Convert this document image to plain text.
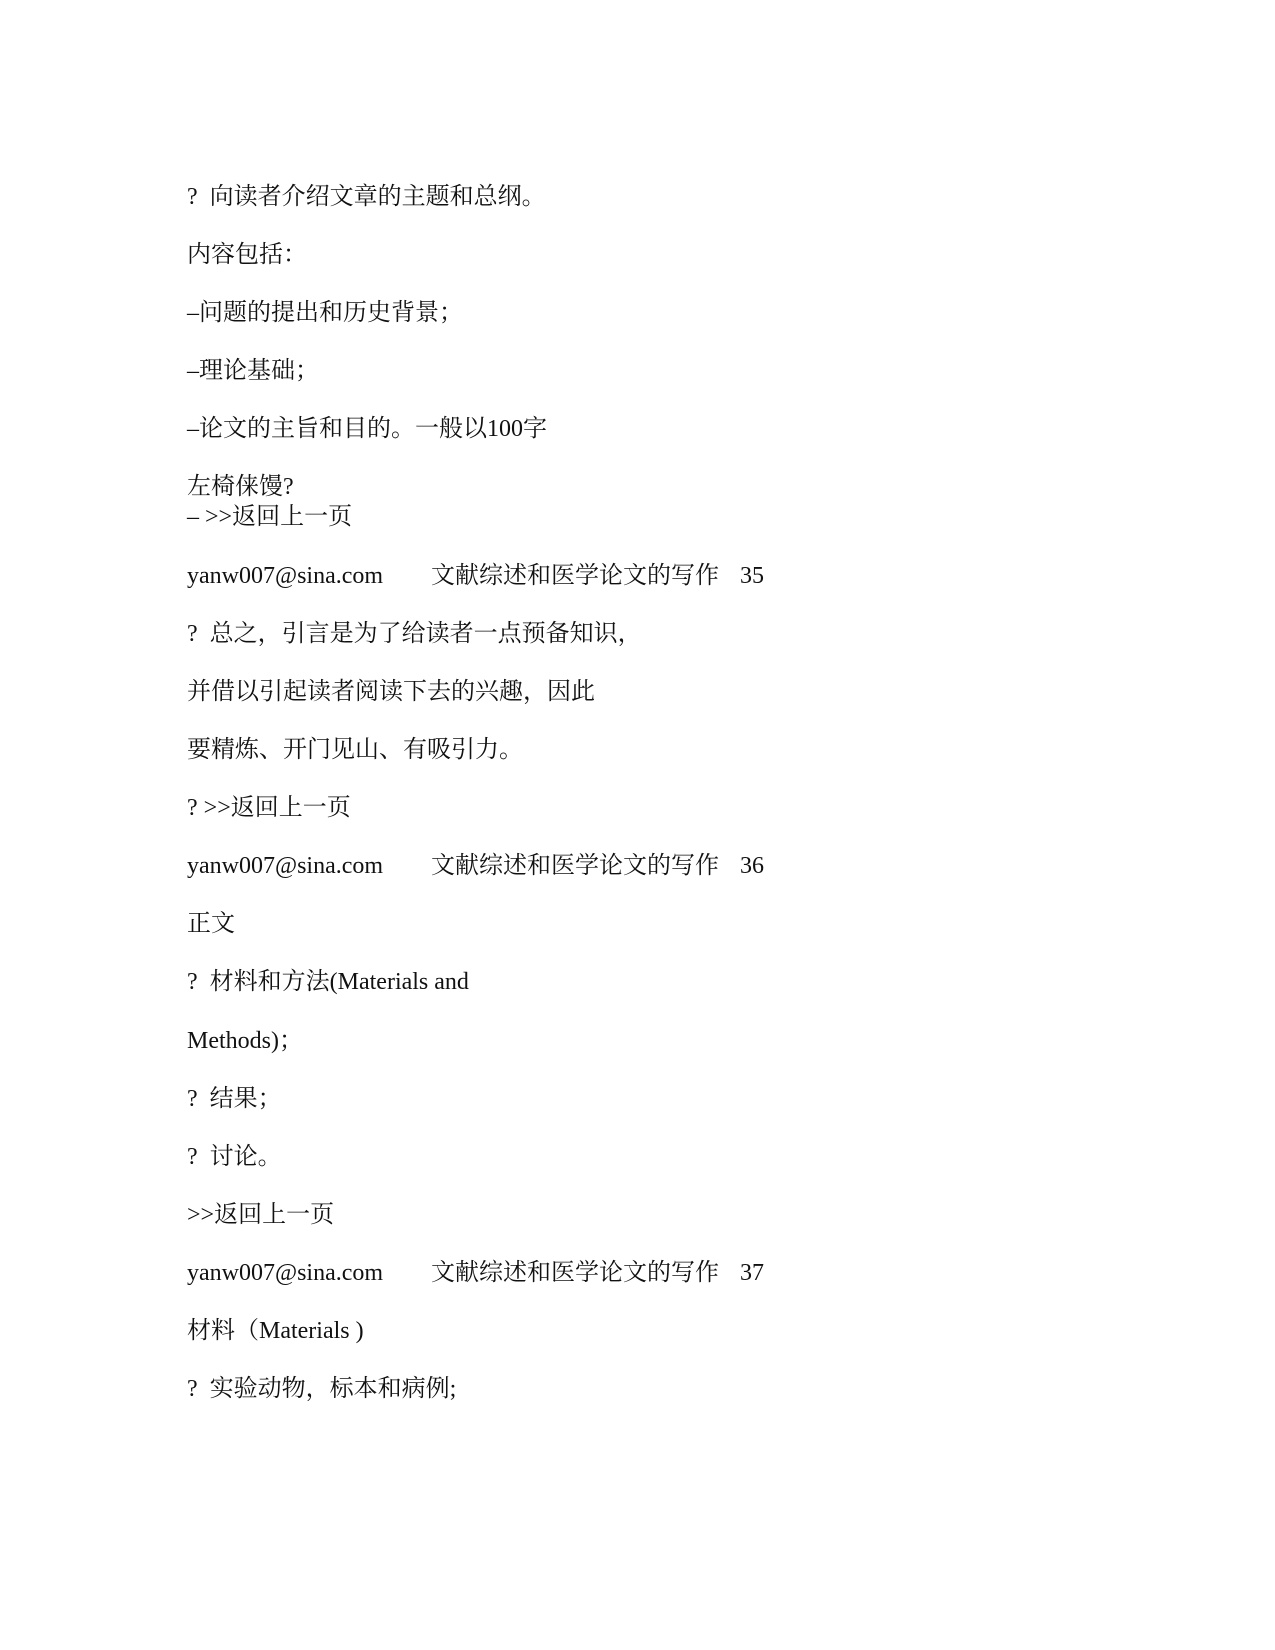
?  向读者介绍文章的主题和总纲。
内容包括：
–问题的提出和历史背景；
–理论基础；
–论文的主旨和目的。一般以100字
左椅俫馒?
– >>返回上一页
yanw007@sina.com 文献综述和医学论文的写作 35
?  总之，引言是为了给读者一点预备知识，
并借以引起读者阅读下去的兴趣，因此
要精炼、开门见山、有吸引力。
? >>返回上一页
yanw007@sina.com 文献综述和医学论文的写作 36
正文
?  材料和方法(Materials and
Methods)；
?  结果；
?  讨论。
>>返回上一页
yanw007@sina.com 文献综述和医学论文的写作 37
材料（Materials )
?  实验动物，标本和病例;
